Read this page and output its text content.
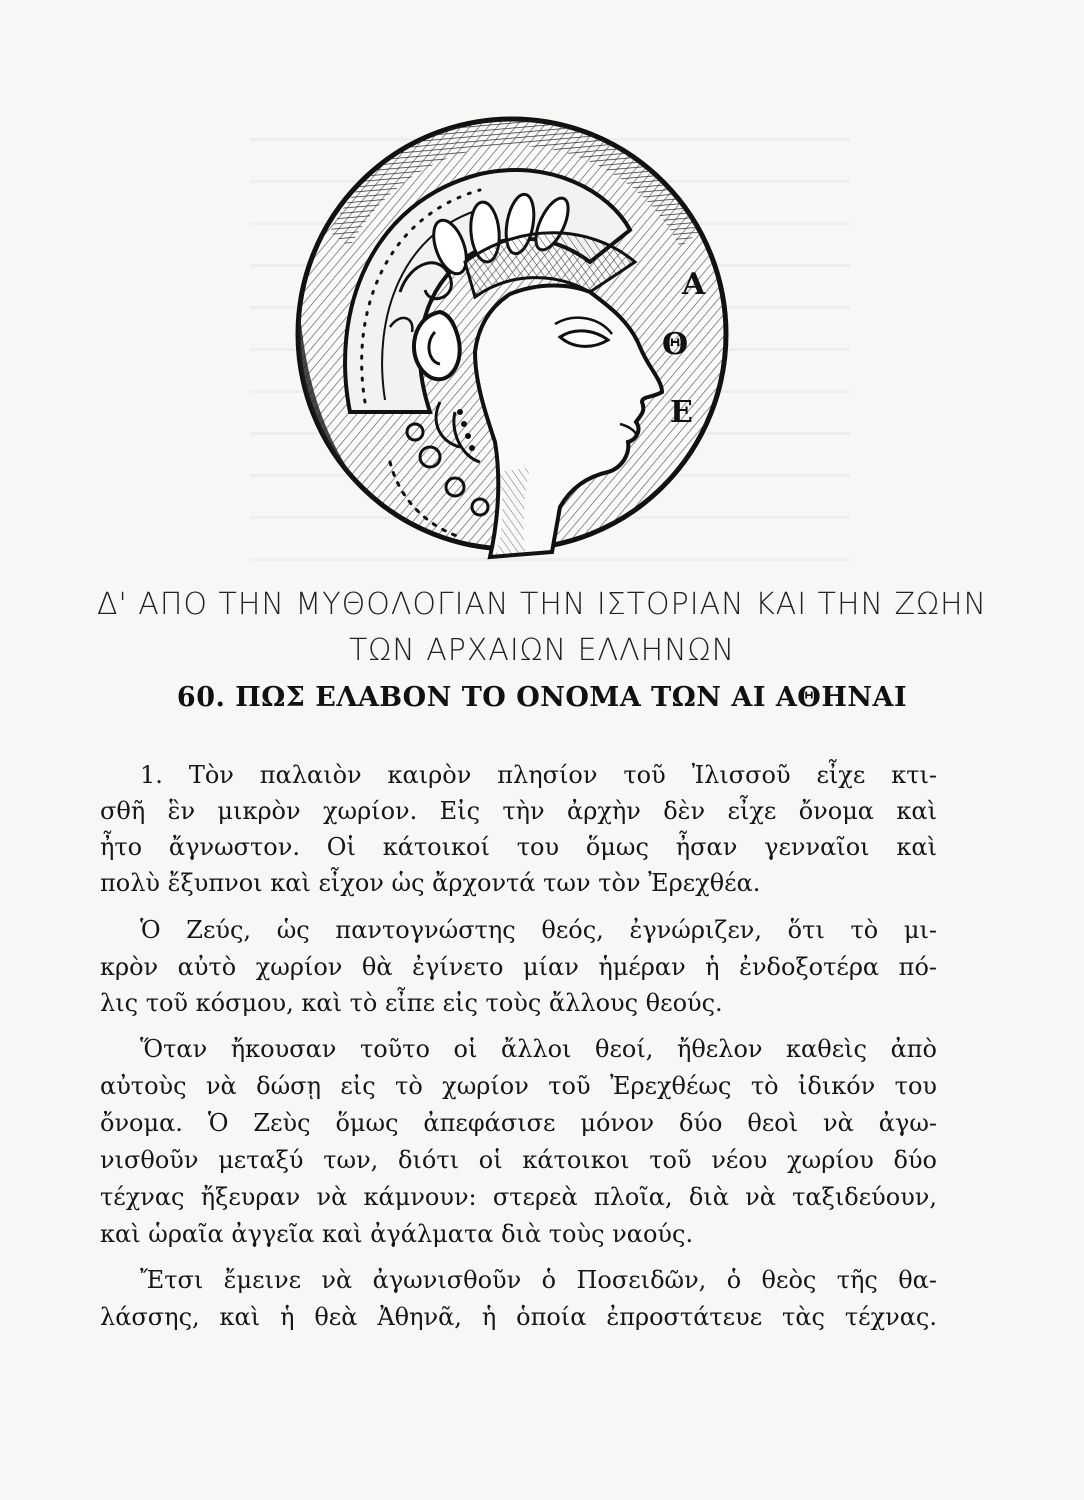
Α
Θ
Ε
Δ' ΑΠΟ ΤΗΝ ΜΥΘΟΛΟΓΙΑΝ ΤΗΝ ΙΣΤΟΡΙΑΝ ΚΑΙ ΤΗΝ ΖΩΗΝ
ΤΩΝ ΑΡΧΑΙΩΝ ΕΛΛΗΝΩΝ
60. ΠΩΣ ΕΛΑΒΟΝ ΤΟ ΟΝΟΜΑ ΤΩΝ ΑΙ ΑΘΗΝΑΙ
1. Τὸν παλαιὸν καιρὸν πλησίον τοῦ Ἰλισσοῦ εἶχε κτι-
σθῆ ἓν μικρὸν χωρίον. Εἰς τὴν ἀρχὴν δὲν εἶχε ὄνομα καὶ
ἦτο ἄγνωστον. Οἱ κάτοικοί του ὅμως ἦσαν γενναῖοι καὶ
πολὺ ἔξυπνοι καὶ εἶχον ὡς ἄρχοντά των τὸν Ἐρεχθέα.
Ὁ Ζεύς, ὡς παντογνώστης θεός, ἐγνώριζεν, ὅτι τὸ μι-
κρὸν αὐτὸ χωρίον θὰ ἐγίνετο μίαν ἡμέραν ἡ ἐνδοξοτέρα πό-
λις τοῦ κόσμου, καὶ τὸ εἶπε εἰς τοὺς ἄλλους θεούς.
Ὅταν ἤκουσαν τοῦτο οἱ ἄλλοι θεοί, ἤθελον καθεὶς ἀπὸ
αὐτοὺς νὰ δώσῃ εἰς τὸ χωρίον τοῦ Ἐρεχθέως τὸ ἰδικόν του
ὄνομα. Ὁ Ζεὺς ὅμως ἀπεφάσισε μόνον δύο θεοὶ νὰ ἀγω-
νισθοῦν μεταξύ των, διότι οἱ κάτοικοι τοῦ νέου χωρίου δύο
τέχνας ἤξευραν νὰ κάμνουν: στερεὰ πλοῖα, διὰ νὰ ταξιδεύουν,
καὶ ὡραῖα ἀγγεῖα καὶ ἀγάλματα διὰ τοὺς ναούς.
Ἔτσι ἔμεινε νὰ ἀγωνισθοῦν ὁ Ποσειδῶν, ὁ θεὸς τῆς θα-
λάσσης, καὶ ἡ θεὰ Ἀθηνᾶ, ἡ ὁποία ἐπροστάτευε τὰς τέχνας.
